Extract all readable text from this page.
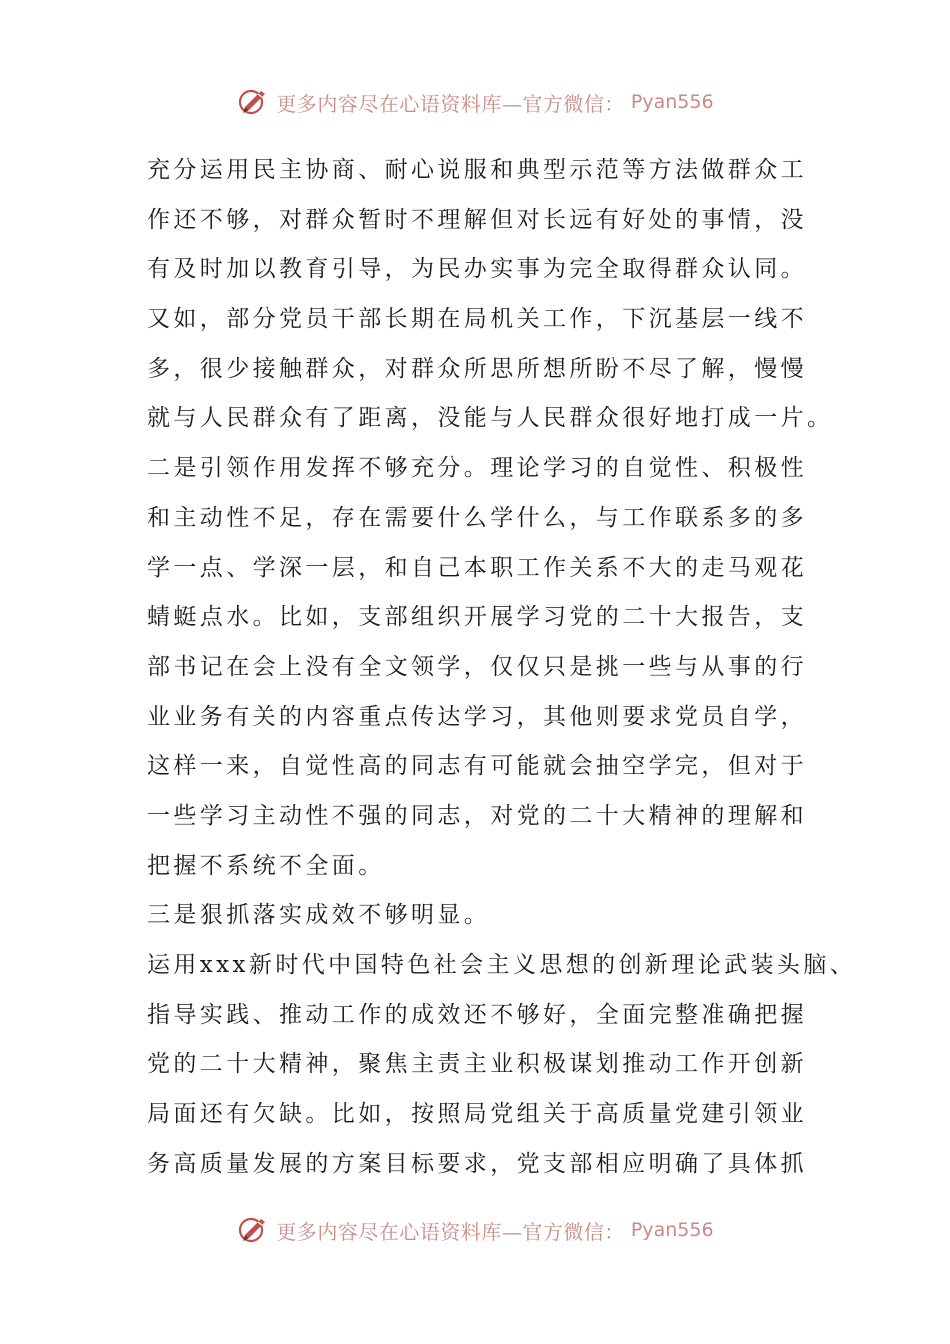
更多内容尽在心语资料库—官方微信： Pyan556
充分运用民主协商、耐心说服和典型示范等方法做群众工
作还不够，对群众暂时不理解但对长远有好处的事情，没
有及时加以教育引导，为民办实事为完全取得群众认同。
又如，部分党员干部长期在局机关工作，下沉基层一线不
多，很少接触群众，对群众所思所想所盼不尽了解，慢慢
就与人民群众有了距离，没能与人民群众很好地打成一片。
二是引领作用发挥不够充分。理论学习的自觉性、积极性
和主动性不足，存在需要什么学什么，与工作联系多的多
学一点、学深一层，和自己本职工作关系不大的走马观花
蜻蜓点水。比如，支部组织开展学习党的二十大报告，支
部书记在会上没有全文领学，仅仅只是挑一些与从事的行
业业务有关的内容重点传达学习，其他则要求党员自学，
这样一来，自觉性高的同志有可能就会抽空学完，但对于
一些学习主动性不强的同志，对党的二十大精神的理解和
把握不系统不全面。
三是狠抓落实成效不够明显。
运用xxx新时代中国特色社会主义思想的创新理论武装头脑、
指导实践、推动工作的成效还不够好，全面完整准确把握
党的二十大精神，聚焦主责主业积极谋划推动工作开创新
局面还有欠缺。比如，按照局党组关于高质量党建引领业
务高质量发展的方案目标要求，党支部相应明确了具体抓
更多内容尽在心语资料库—官方微信： Pyan556
